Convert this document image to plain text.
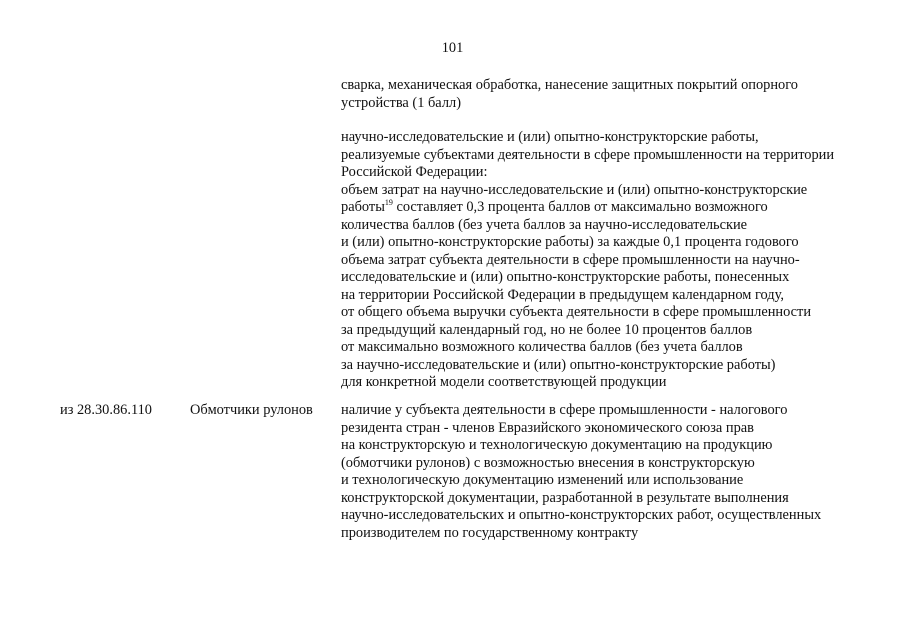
101
сварка, механическая обработка, нанесение защитных покрытий опорного
устройства (1 балл)
научно-исследовательские и (или) опытно-конструкторские работы,
реализуемые субъектами деятельности в сфере промышленности на территории
Российской Федерации:
объем затрат на научно-исследовательские и (или) опытно-конструкторские
работы$^{19}$ составляет 0,3 процента баллов от максимально возможного
количества баллов (без учета баллов за научно-исследовательские
и (или) опытно-конструкторские работы) за каждые 0,1 процента годового
объема затрат субъекта деятельности в сфере промышленности на научно-
исследовательские и (или) опытно-конструкторские работы, понесенных
на территории Российской Федерации в предыдущем календарном году,
от общего объема выручки субъекта деятельности в сфере промышленности
за предыдущий календарный год, но не более 10 процентов баллов
от максимально возможного количества баллов (без учета баллов
за научно-исследовательские и (или) опытно-конструкторские работы)
для конкретной модели соответствующей продукции
из 28.30.86.110	Обмотчики рулонов наличие у субъекта деятельности в сфере промышленности - налогового
резидента стран - членов Евразийского экономического союза прав
на конструкторскую и технологическую документацию на продукцию
(обмотчики рулонов) с возможностью внесения в конструкторскую
и технологическую документацию изменений или использование
конструкторской документации, разработанной в результате выполнения
научно-исследовательских и опытно-конструкторских работ, осуществленных
производителем по государственному контракту
